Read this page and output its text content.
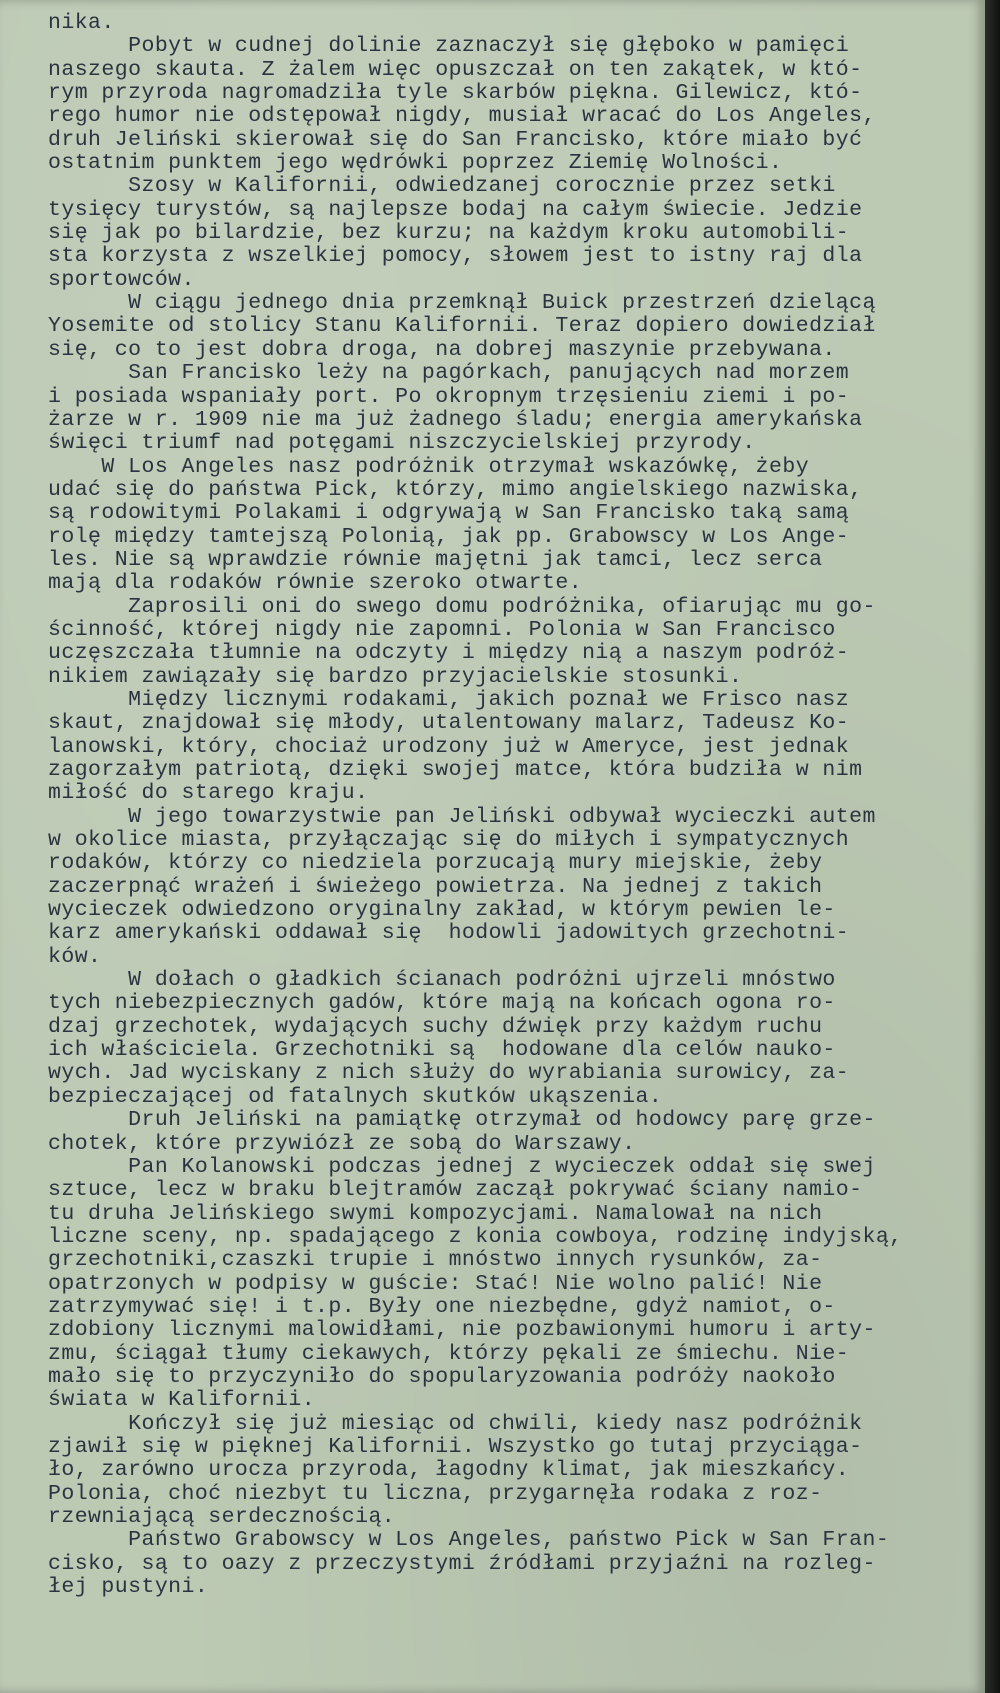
nika.
Pobyt w cudnej dolinie zaznaczył się głęboko w pamięci
naszego skauta. Z żalem więc opuszczał on ten zakątek, w któ-
rym przyroda nagromadziła tyle skarbów piękna. Gilewicz, któ-
rego humor nie odstępował nigdy, musiał wracać do Los Angeles,
druh Jeliński skierował się do San Francisko, które miało być
ostatnim punktem jego wędrówki poprzez Ziemię Wolności.
Szosy w Kalifornii, odwiedzanej corocznie przez setki
tysięcy turystów, są najlepsze bodaj na całym świecie. Jedzie
się jak po bilardzie, bez kurzu; na każdym kroku automobili-
sta korzysta z wszelkiej pomocy, słowem jest to istny raj dla
sportowców.
W ciągu jednego dnia przemknął Buick przestrzeń dzielącą
Yosemite od stolicy Stanu Kalifornii. Teraz dopiero dowiedział
się, co to jest dobra droga, na dobrej maszynie przebywana.
San Francisko leży na pagórkach, panujących nad morzem
i posiada wspaniały port. Po okropnym trzęsieniu ziemi i po-
żarze w r. 1909 nie ma już żadnego śladu; energia amerykańska
święci triumf nad potęgami niszczycielskiej przyrody.
W Los Angeles nasz podróżnik otrzymał wskazówkę, żeby
udać się do państwa Pick, którzy, mimo angielskiego nazwiska,
są rodowitymi Polakami i odgrywają w San Francisko taką samą
rolę między tamtejszą Polonią, jak pp. Grabowscy w Los Ange-
les. Nie są wprawdzie równie majętni jak tamci, lecz serca
mają dla rodaków równie szeroko otwarte.
Zaprosili oni do swego domu podróżnika, ofiarując mu go-
ścinność, której nigdy nie zapomni. Polonia w San Francisco
uczęszczała tłumnie na odczyty i między nią a naszym podróż-
nikiem zawiązały się bardzo przyjacielskie stosunki.
Między licznymi rodakami, jakich poznał we Frisco nasz
skaut, znajdował się młody, utalentowany malarz, Tadeusz Ko-
lanowski, który, chociaż urodzony już w Ameryce, jest jednak
zagorzałym patriotą, dzięki swojej matce, która budziła w nim
miłość do starego kraju.
W jego towarzystwie pan Jeliński odbywał wycieczki autem
w okolice miasta, przyłączając się do miłych i sympatycznych
rodaków, którzy co niedziela porzucają mury miejskie, żeby
zaczerpnąć wrażeń i świeżego powietrza. Na jednej z takich
wycieczek odwiedzono oryginalny zakład, w którym pewien le-
karz amerykański oddawał się  hodowli jadowitych grzechotni-
ków.
W dołach o gładkich ścianach podróżni ujrzeli mnóstwo
tych niebezpiecznych gadów, które mają na końcach ogona ro-
dzaj grzechotek, wydających suchy dźwięk przy każdym ruchu
ich właściciela. Grzechotniki są  hodowane dla celów nauko-
wych. Jad wyciskany z nich służy do wyrabiania surowicy, za-
bezpieczającej od fatalnych skutków ukąszenia.
Druh Jeliński na pamiątkę otrzymał od hodowcy parę grze-
chotek, które przywiózł ze sobą do Warszawy.
Pan Kolanowski podczas jednej z wycieczek oddał się swej
sztuce, lecz w braku blejtramów zaczął pokrywać ściany namio-
tu druha Jelińskiego swymi kompozycjami. Namalował na nich
liczne sceny, np. spadającego z konia cowboya, rodzinę indyjską,
grzechotniki,czaszki trupie i mnóstwo innych rysunków, za-
opatrzonych w podpisy w guście: Stać! Nie wolno palić! Nie
zatrzymywać się! i t.p. Były one niezbędne, gdyż namiot, o-
zdobiony licznymi malowidłami, nie pozbawionymi humoru i arty-
zmu, ściągał tłumy ciekawych, którzy pękali ze śmiechu. Nie-
mało się to przyczyniło do spopularyzowania podróży naokoło
świata w Kalifornii.
Kończył się już miesiąc od chwili, kiedy nasz podróżnik
zjawił się w pięknej Kalifornii. Wszystko go tutaj przyciąga-
ło, zarówno urocza przyroda, łagodny klimat, jak mieszkańcy.
Polonia, choć niezbyt tu liczna, przygarnęła rodaka z roz-
rzewniającą serdecznością.
Państwo Grabowscy w Los Angeles, państwo Pick w San Fran-
cisko, są to oazy z przeczystymi źródłami przyjaźni na rozleg-
łej pustyni.
